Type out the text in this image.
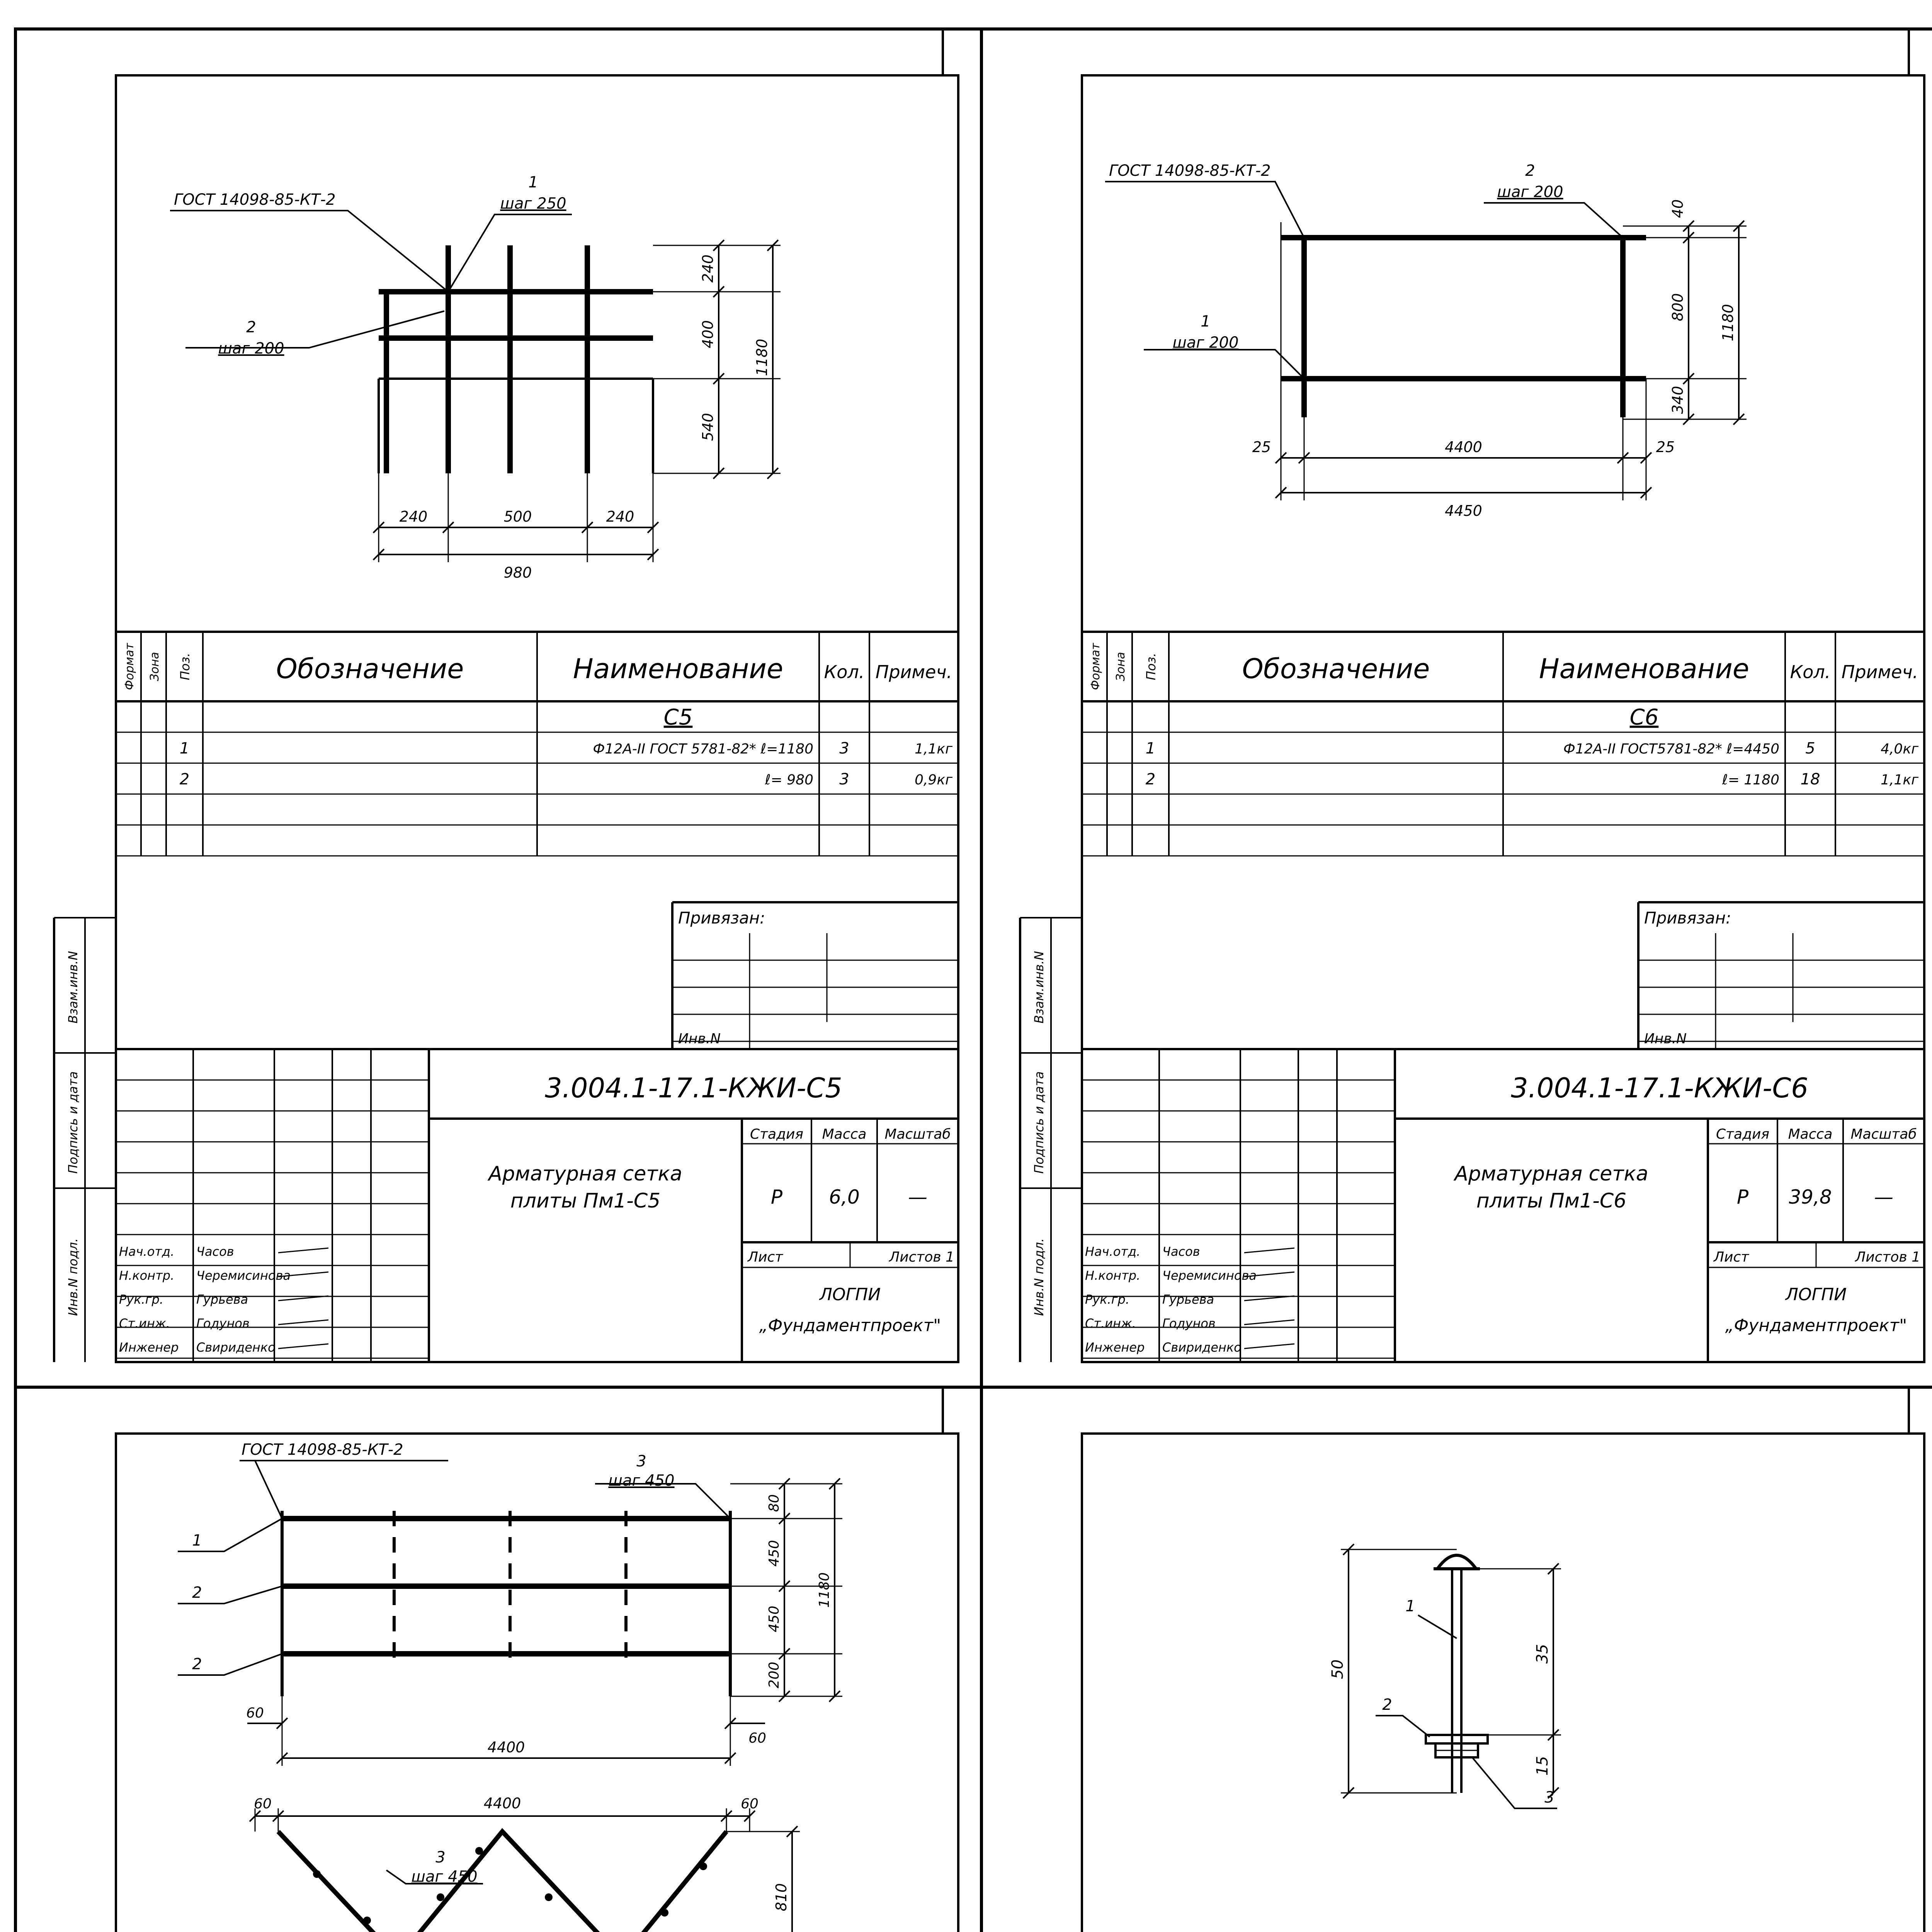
Формат Зона Поз.	Обозначение	Наименование Кол. Примеч.
С5
1	Ф12А-II ГОСТ 5781-82* ℓ=1180 3	1,1кг
2	ℓ= 980 3	0,9кг
Инв.N подл.
Подпись и дата
Взам.инв.N
Привязан:
Инв.N
Нач.отд. Часов
Н.контр. Черемисинова
Рук.гр.	Гурьева
Ст.инж. Годунов
Инженер Свириденко
3.004.1-17.1-КЖИ-С5
Стадия Масса Масштаб
Р 6,0	—
Лист	Листов 1
ЛОГПИ
„Фундаментпроект"
Арматурная сетка
плиты Пм1-С5
1
шаг 250
ГОСТ 14098-85-КТ-2
2
шаг 200
240
400
540
1180
240	500	240
980
Формат Зона Поз.	Обозначение	Наименование Кол. Примеч.
С6
1	Ф12А-II ГОСТ5781-82* ℓ=4450 5	4,0кг
2	ℓ= 1180 18	1,1кг
Инв.N подл.
Подпись и дата
Взам.инв.N
Привязан:
Инв.N
Нач.отд. Часов
Н.контр. Черемисинова
Рук.гр.	Гурьева
Ст.инж. Годунов
Инженер Свириденко
3.004.1-17.1-КЖИ-С6
Стадия Масса Масштаб
Р 39,8 —
Лист	Листов 1
ЛОГПИ
„Фундаментпроект"
Арматурная сетка
плиты Пм1-С6
ГОСТ 14098-85-КТ-2	2
шаг 200
1
шаг 200
40
800
340
1180
25	4400	25
4450
ГОСТ 14098-85-КТ-2
3
шаг 450
1
2
2
80
450
450
200
1180
60
60
4400
60	4400	60
3
шаг 450
810
1
2
3
50
35
15
